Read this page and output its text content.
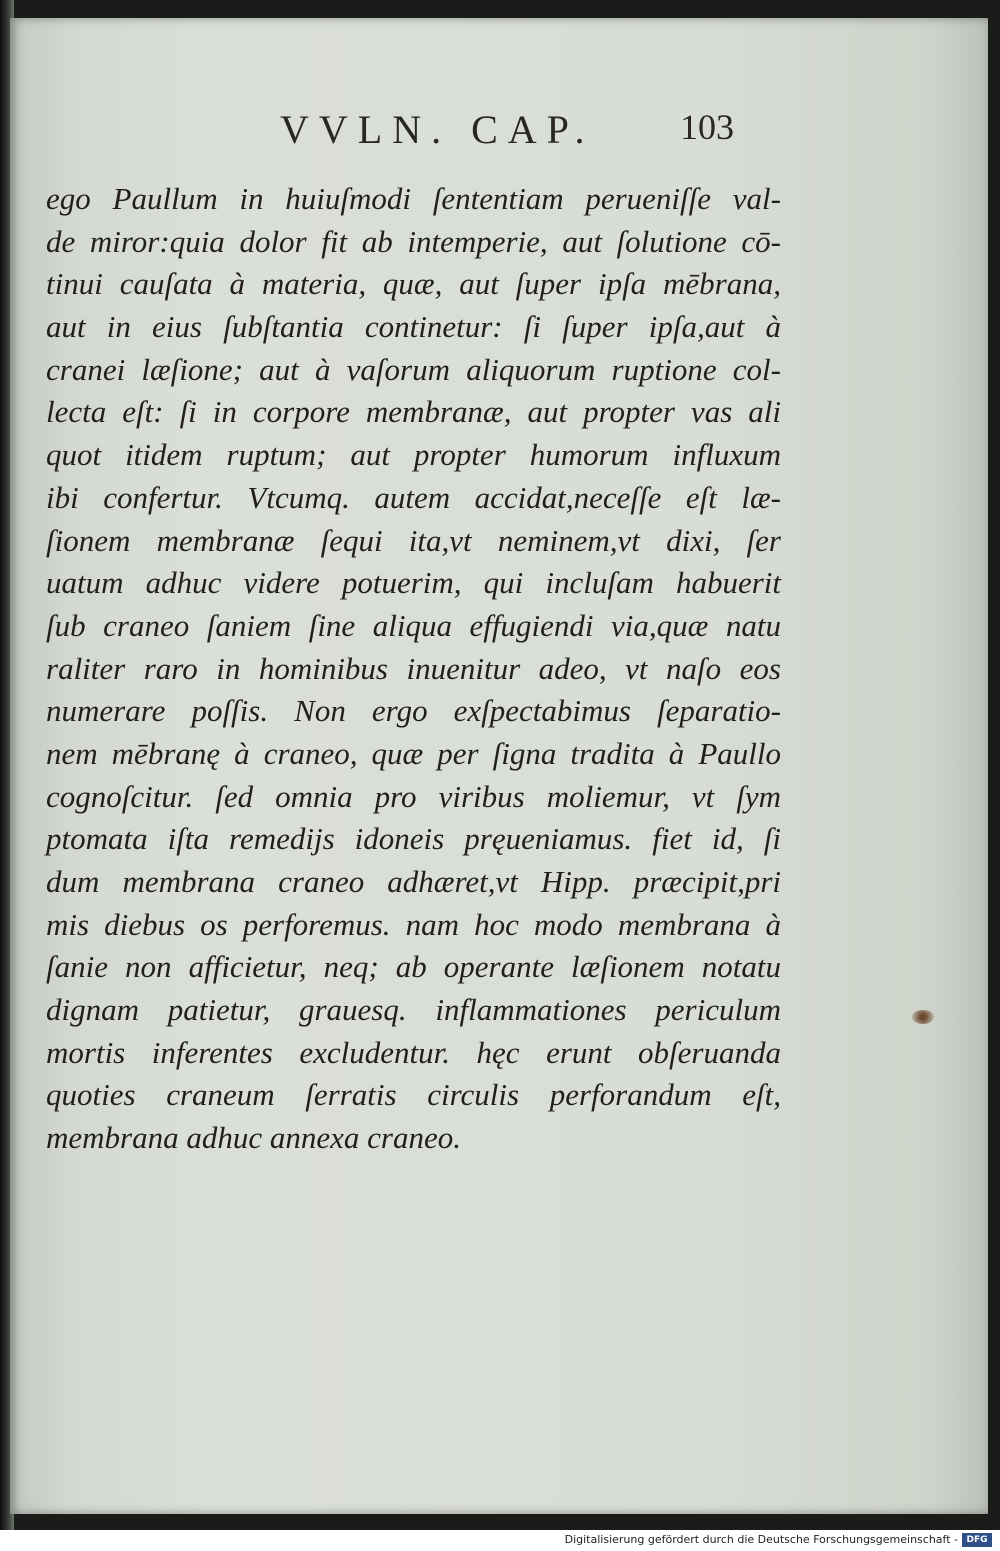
VVLN. CAP. 103
ego Paullum in huiuſmodi ſententiam perueniſſe val-
de miror:quia dolor fit ab intemperie, aut ſolutione cō-
tinui cauſata à materia, quæ, aut ſuper ipſa mēbrana,
aut in eius ſubſtantia continetur: ſi ſuper ipſa,aut à
cranei læſione; aut à vaſorum aliquorum ruptione col-
lecta eſt: ſi in corpore membranæ, aut propter vas ali
quot itidem ruptum; aut propter humorum influxum
ibi confertur. Vtcumq. autem accidat,neceſſe eſt læ-
ſionem membranæ ſequi ita,vt neminem,vt dixi, ſer
uatum adhuc videre potuerim, qui incluſam habuerit
ſub craneo ſaniem ſine aliqua effugiendi via,quæ natu
raliter raro in hominibus inuenitur adeo, vt naſo eos
numerare poſſis. Non ergo exſpectabimus ſeparatio-
nem mēbranę à craneo, quæ per ſigna tradita à Paullo
cognoſcitur. ſed omnia pro viribus moliemur, vt ſym
ptomata iſta remedijs idoneis pręueniamus. fiet id, ſi
dum membrana craneo adhæret,vt Hipp. præcipit,pri
mis diebus os perforemus. nam hoc modo membrana à
ſanie non afficietur, neq; ab operante læſionem notatu
dignam patietur, grauesq. inflammationes periculum
mortis inferentes excludentur. hęc erunt obſeruanda
quoties craneum ſerratis circulis perforandum eſt,
membrana adhuc annexa craneo.
Digitalisierung gefördert durch die Deutsche Forschungsgemeinschaft - DFG
